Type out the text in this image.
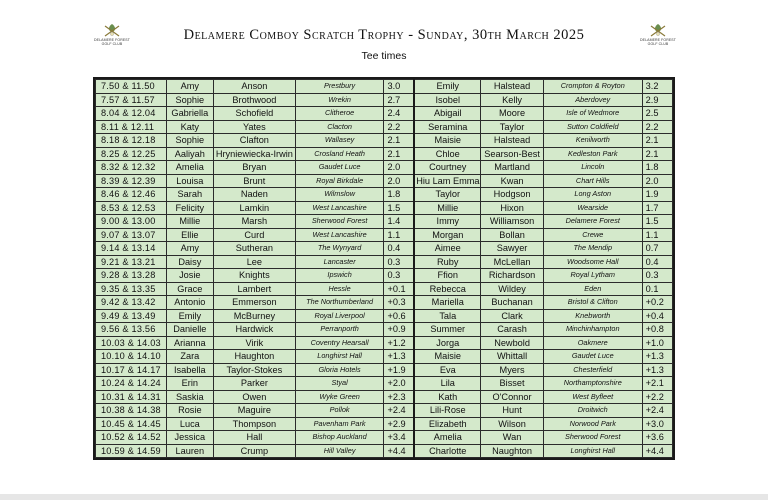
DELAMERE FOREST
GOLF CLUB
DELAMERE FOREST
GOLF CLUB
Delamere Comboy Scratch Trophy - Sunday, 30th March 2025
Tee times
7.50 & 11.50	Amy	Anson	Prestbury	3.0	Emily	Halstead	Crompton & Royton	3.2
7.57 & 11.57	Sophie	Brothwood	Wrekin	2.7	Isobel	Kelly	Aberdovey	2.9
8.04 & 12.04	Gabriella	Schofield	Clitheroe	2.4	Abigail	Moore	Isle of Wedmore	2.5
8.11 & 12.11	Katy	Yates	Clacton	2.2	Seramina	Taylor	Sutton Coldfield	2.2
8.18 & 12.18	Sophie	Clafton	Wallasey	2.1	Maisie	Halstead	Kenilworth	2.1
8.25 & 12.25	Aaliyah	Hryniewiecka-Irwin	Crosland Heath	2.1	Chloe	Searson-Best	Kedleston Park	2.1
8.32 & 12.32	Amelia	Bryan	Gaudet Luce	2.0	Courtney	Martland	Lincoln	1.8
8.39 & 12.39	Louisa	Brunt	Royal Birkdale	2.0	Hiu Lam Emma	Kwan	Chart Hills	2.0
8.46 & 12.46	Sarah	Naden	Wilmslow	1.8	Taylor	Hodgson	Long Aston	1.9
8.53 & 12.53	Felicity	Lamkin	West Lancashire	1.5	Millie	Hixon	Wearside	1.7
9.00 & 13.00	Millie	Marsh	Sherwood Forest	1.4	Immy	Williamson	Delamere Forest	1.5
9.07 & 13.07	Ellie	Curd	West Lancashire	1.1	Morgan	Bollan	Crewe	1.1
9.14 & 13.14	Amy	Sutheran	The Wynyard	0.4	Aimee	Sawyer	The Mendip	0.7
9.21 & 13.21	Daisy	Lee	Lancaster	0.3	Ruby	McLellan	Woodsome Hall	0.4
9.28 & 13.28	Josie	Knights	Ipswich	0.3	Ffion	Richardson	Royal Lytham	0.3
9.35 & 13.35	Grace	Lambert	Hessle	+0.1	Rebecca	Wildey	Eden	0.1
9.42 & 13.42	Antonio	Emmerson	The Northumberland	+0.3	Mariella	Buchanan	Bristol & Clifton	+0.2
9.49 & 13.49	Emily	McBurney	Royal Liverpool	+0.6	Tala	Clark	Knebworth	+0.4
9.56 & 13.56	Danielle	Hardwick	Perranporth	+0.9	Summer	Carash	Minchinhampton	+0.8
10.03 & 14.03	Arianna	Virik	Coventry Hearsall	+1.2	Jorga	Newbold	Oakmere	+1.0
10.10 & 14.10	Zara	Haughton	Longhirst Hall	+1.3	Maisie	Whittall	Gaudet Luce	+1.3
10.17 & 14.17	Isabella	Taylor-Stokes	Gloria Hotels	+1.9	Eva	Myers	Chesterfield	+1.3
10.24 & 14.24	Erin	Parker	Styal	+2.0	Lila	Bisset	Northamptonshire	+2.1
10.31 & 14.31	Saskia	Owen	Wyke Green	+2.3	Kath	O'Connor	West Byfleet	+2.2
10.38 & 14.38	Rosie	Maguire	Pollok	+2.4	Lili-Rose	Hunt	Droitwich	+2.4
10.45 & 14.45	Luca	Thompson	Pavenham Park	+2.9	Elizabeth	Wilson	Norwood Park	+3.0
10.52 & 14.52	Jessica	Hall	Bishop Auckland	+3.4	Amelia	Wan	Sherwood Forest	+3.6
10.59 & 14.59	Lauren	Crump	Hill Valley	+4.4	Charlotte	Naughton	Longhirst Hall	+4.4
